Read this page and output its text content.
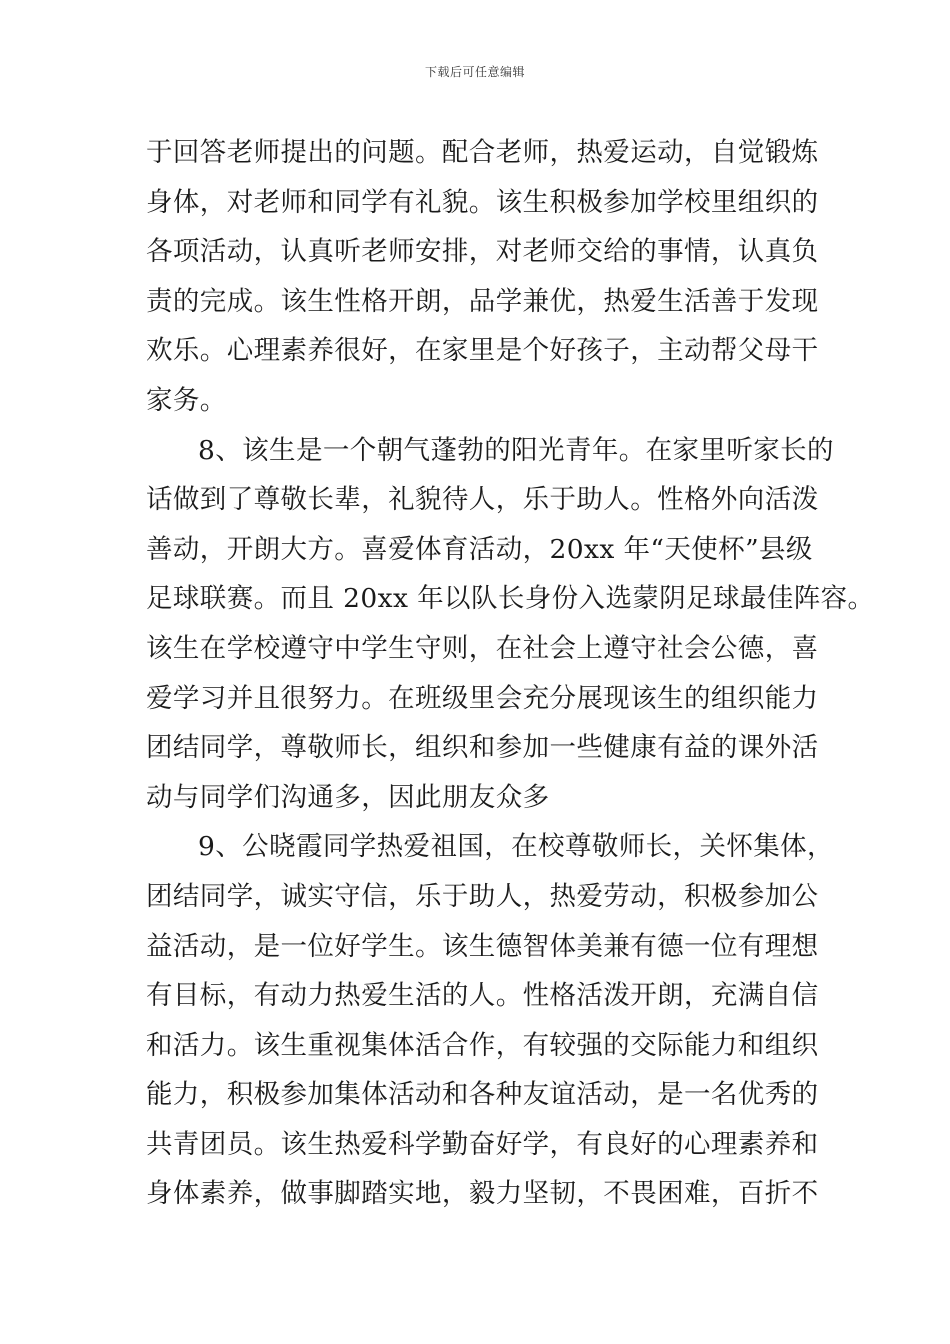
下载后可任意编辑
于回答老师提出的问题。配合老师，热爱运动，自觉锻炼
身体，对老师和同学有礼貌。该生积极参加学校里组织的
各项活动，认真听老师安排，对老师交给的事情，认真负
责的完成。该生性格开朗，品学兼优，热爱生活善于发现
欢乐。心理素养很好，在家里是个好孩子，主动帮父母干
家务。
8、该生是一个朝气蓬勃的阳光青年。在家里听家长的
话做到了尊敬长辈，礼貌待人，乐于助人。性格外向活泼
善动，开朗大方。喜爱体育活动，20xx 年“天使杯”县级
足球联赛。而且 20xx 年以队长身份入选蒙阴足球最佳阵容。
该生在学校遵守中学生守则，在社会上遵守社会公德，喜
爱学习并且很努力。在班级里会充分展现该生的组织能力
团结同学，尊敬师长，组织和参加一些健康有益的课外活
动与同学们沟通多，因此朋友众多
9、公晓霞同学热爱祖国，在校尊敬师长，关怀集体，
团结同学，诚实守信，乐于助人，热爱劳动，积极参加公
益活动，是一位好学生。该生德智体美兼有德一位有理想
有目标，有动力热爱生活的人。性格活泼开朗，充满自信
和活力。该生重视集体活合作，有较强的交际能力和组织
能力，积极参加集体活动和各种友谊活动，是一名优秀的
共青团员。该生热爱科学勤奋好学，有良好的心理素养和
身体素养，做事脚踏实地，毅力坚韧，不畏困难，百折不
